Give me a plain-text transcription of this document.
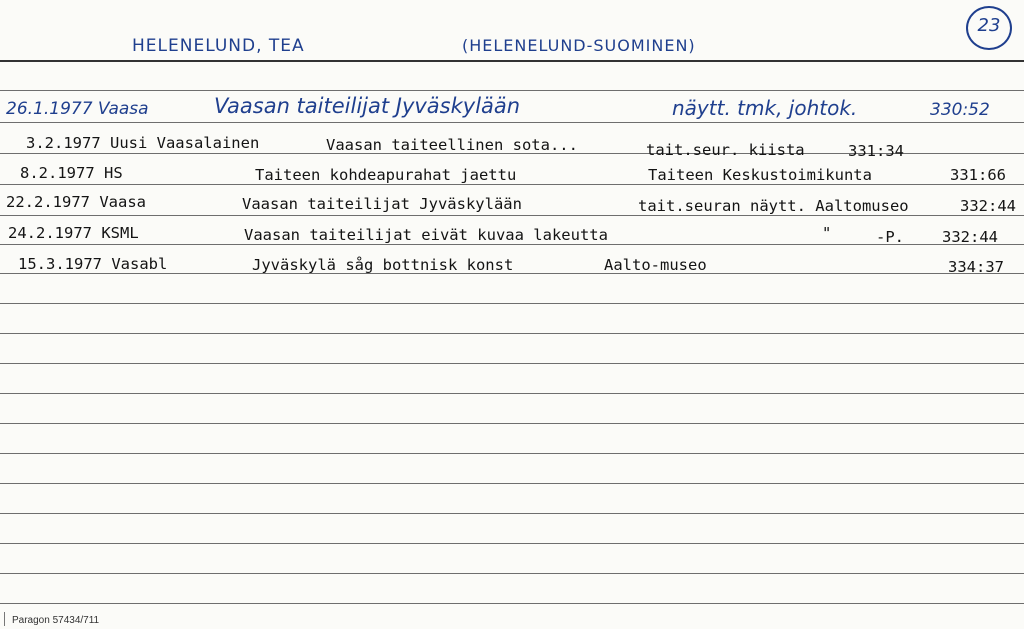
HELENELUND, TEA	(HELENELUND-SUOMINEN)
23
26.1.1977 Vaasa	Vaasan taiteilijat Jyväskylään	näytt. tmk, johtok.	330:52
3.2.1977 Uusi Vaasalainen	Vaasan taiteellinen sota...	tait.seur. kiista	331:34
8.2.1977 HS	Taiteen kohdeapurahat jaettu	Taiteen Keskustoimikunta	331:66
22.2.1977 Vaasa	Vaasan taiteilijat Jyväskylään	tait.seuran näytt. Aaltomuseo	332:44
24.2.1977 KSML	Vaasan taiteilijat eivät kuvaa lakeutta	"	-P. 332:44
15.3.1977 Vasabl	Jyväskylä såg bottnisk konst	Aalto-museo	334:37
Paragon 57434/711
